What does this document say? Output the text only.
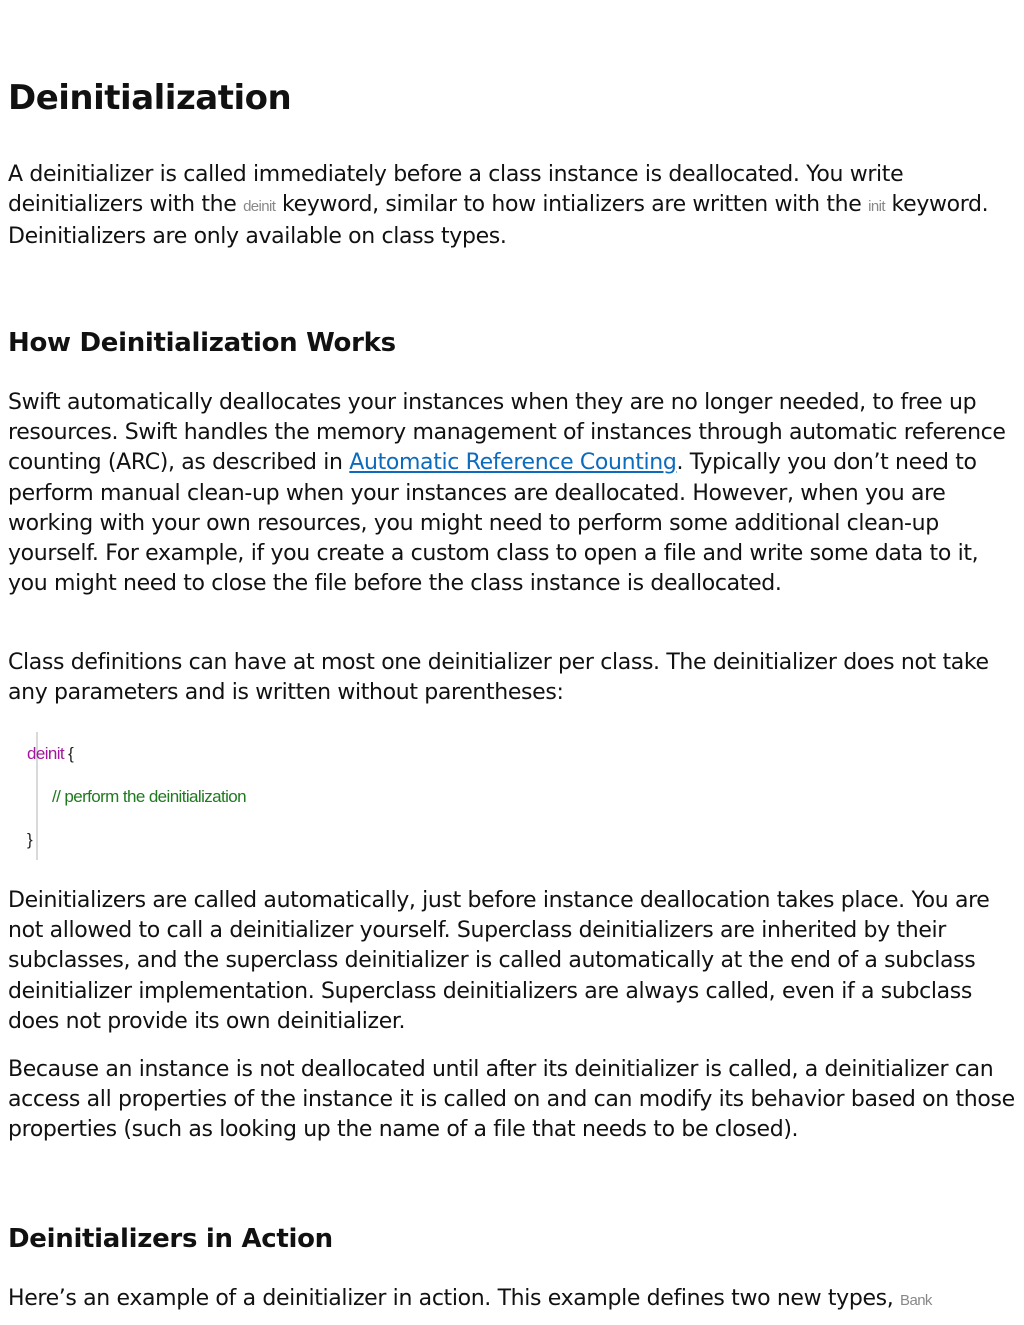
Deinitialization

A deinitializer is called immediately before a class instance is deallocated. You write deinitializers with the deinit keyword, similar to how intializers are written with the init keyword. Deinitializers are only available on class types.

How Deinitialization Works

Swift automatically deallocates your instances when they are no longer needed, to free up resources. Swift handles the memory management of instances through automatic reference counting (ARC), as described in Automatic Reference Counting. Typically you don’t need to perform manual clean-up when your instances are deallocated. However, when you are working with your own resources, you might need to perform some additional clean-up yourself. For example, if you create a custom class to open a file and write some data to it, you might need to close the file before the class instance is deallocated.

Class definitions can have at most one deinitializer per class. The deinitializer does not take any parameters and is written without parentheses:

deinit {
// perform the deinitialization
}

Deinitializers are called automatically, just before instance deallocation takes place. You are not allowed to call a deinitializer yourself. Superclass deinitializers are inherited by their subclasses, and the superclass deinitializer is called automatically at the end of a subclass deinitializer implementation. Superclass deinitializers are always called, even if a subclass does not provide its own deinitializer.

Because an instance is not deallocated until after its deinitializer is called, a deinitializer can access all properties of the instance it is called on and can modify its behavior based on those properties (such as looking up the name of a file that needs to be closed).

Deinitializers in Action

Here’s an example of a deinitializer in action. This example defines two new types, Bank
